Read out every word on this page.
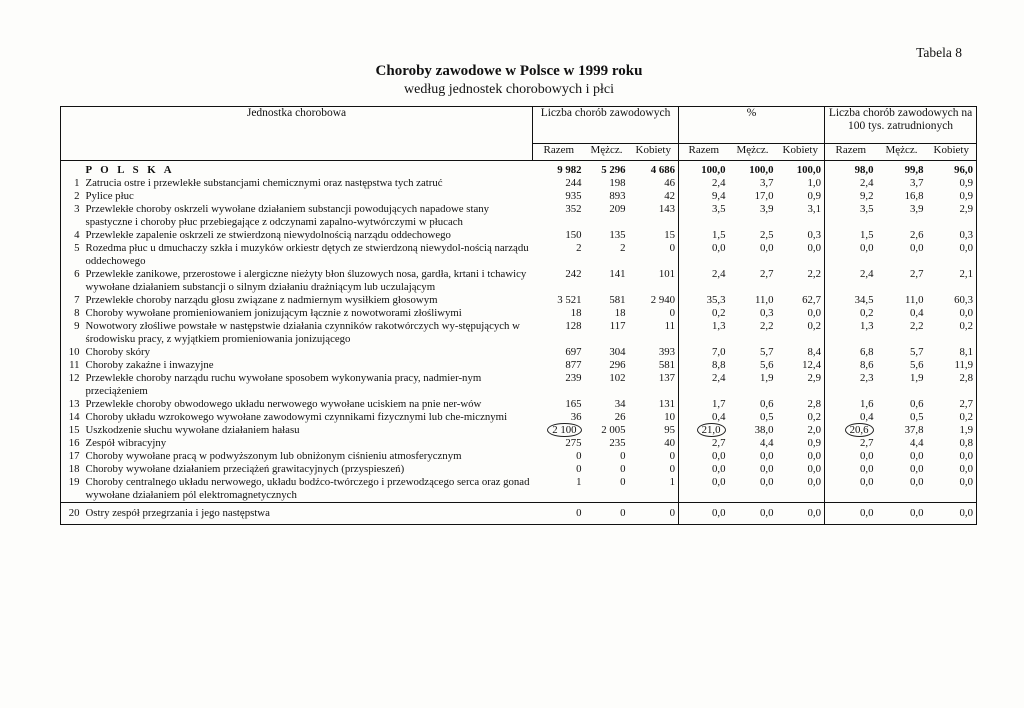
Tabela 8
Choroby zawodowe w Polsce w 1999 roku
według jednostek chorobowych i płci
Jednostka chorobowa		Liczba chorób zawodowych			%			Liczba chorób zawodowych na 100 tys. zatrudnionych		
		Razem	Mężcz.	Kobiety	Razem	Mężcz.	Kobiety	Razem	Mężcz.	Kobiety
	P O L S K A	9 982	5 296	4 686	100,0	100,0	100,0	98,0	99,8	96,0
1	Zatrucia ostre i przewlekłe substancjami chemicznymi oraz następstwa tych zatruć	244	198	46	2,4	3,7	1,0	2,4	3,7	0,9
2	Pylice płuc	935	893	42	9,4	17,0	0,9	9,2	16,8	0,9
3	Przewlekłe choroby oskrzeli wywołane działaniem substancji powodujących napadowe stany spastyczne i choroby płuc przebiegające z odczynami zapalno-wytwórczymi w płucach	352	209	143	3,5	3,9	3,1	3,5	3,9	2,9
4	Przewlekłe zapalenie oskrzeli ze stwierdzoną niewydolnością narządu oddechowego	150	135	15	1,5	2,5	0,3	1,5	2,6	0,3
5	Rozedma płuc u dmuchaczy szkła i muzyków orkiestr dętych ze stwierdzoną niewydol-nością narządu oddechowego	2	2	0	0,0	0,0	0,0	0,0	0,0	0,0
6	Przewlekłe zanikowe, przerostowe i alergiczne nieżyty błon śluzowych nosa, gardła, krtani i tchawicy wywołane działaniem substancji o silnym działaniu drażniącym lub uczulającym	242	141	101	2,4	2,7	2,2	2,4	2,7	2,1
7	Przewlekłe choroby narządu głosu związane z nadmiernym wysiłkiem głosowym	3 521	581	2 940	35,3	11,0	62,7	34,5	11,0	60,3
8	Choroby wywołane promieniowaniem jonizującym łącznie z nowotworami złośliwymi	18	18	0	0,2	0,3	0,0	0,2	0,4	0,0
9	Nowotwory złośliwe powstałe w następstwie działania czynników rakotwórczych wy-stępujących w środowisku pracy, z wyjątkiem promieniowania jonizującego	128	117	11	1,3	2,2	0,2	1,3	2,2	0,2
10	Choroby skóry	697	304	393	7,0	5,7	8,4	6,8	5,7	8,1
11	Choroby zakaźne i inwazyjne	877	296	581	8,8	5,6	12,4	8,6	5,6	11,9
12	Przewlekłe choroby narządu ruchu wywołane sposobem wykonywania pracy, nadmier-nym przeciążeniem	239	102	137	2,4	1,9	2,9	2,3	1,9	2,8
13	Przewlekłe choroby obwodowego układu nerwowego wywołane uciskiem na pnie ner-wów	165	34	131	1,7	0,6	2,8	1,6	0,6	2,7
14	Choroby układu wzrokowego wywołane zawodowymi czynnikami fizycznymi lub che-micznymi	36	26	10	0,4	0,5	0,2	0,4	0,5	0,2
15	Uszkodzenie słuchu wywołane działaniem hałasu	2 100	2 005	95	21,0	38,0	2,0	20,6	37,8	1,9
16	Zespół wibracyjny	275	235	40	2,7	4,4	0,9	2,7	4,4	0,8
17	Choroby wywołane pracą w podwyższonym lub obniżonym ciśnieniu atmosferycznym	0	0	0	0,0	0,0	0,0	0,0	0,0	0,0
18	Choroby wywołane działaniem przeciążeń grawitacyjnych (przyspieszeń)	0	0	0	0,0	0,0	0,0	0,0	0,0	0,0
19	Choroby centralnego układu nerwowego, układu bodźco-twórczego i przewodzącego serca oraz gonad wywołane działaniem pól elektromagnetycznych	1	0	1	0,0	0,0	0,0	0,0	0,0	0,0
20	Ostry zespół przegrzania i jego następstwa	0	0	0	0,0	0,0	0,0	0,0	0,0	0,0
